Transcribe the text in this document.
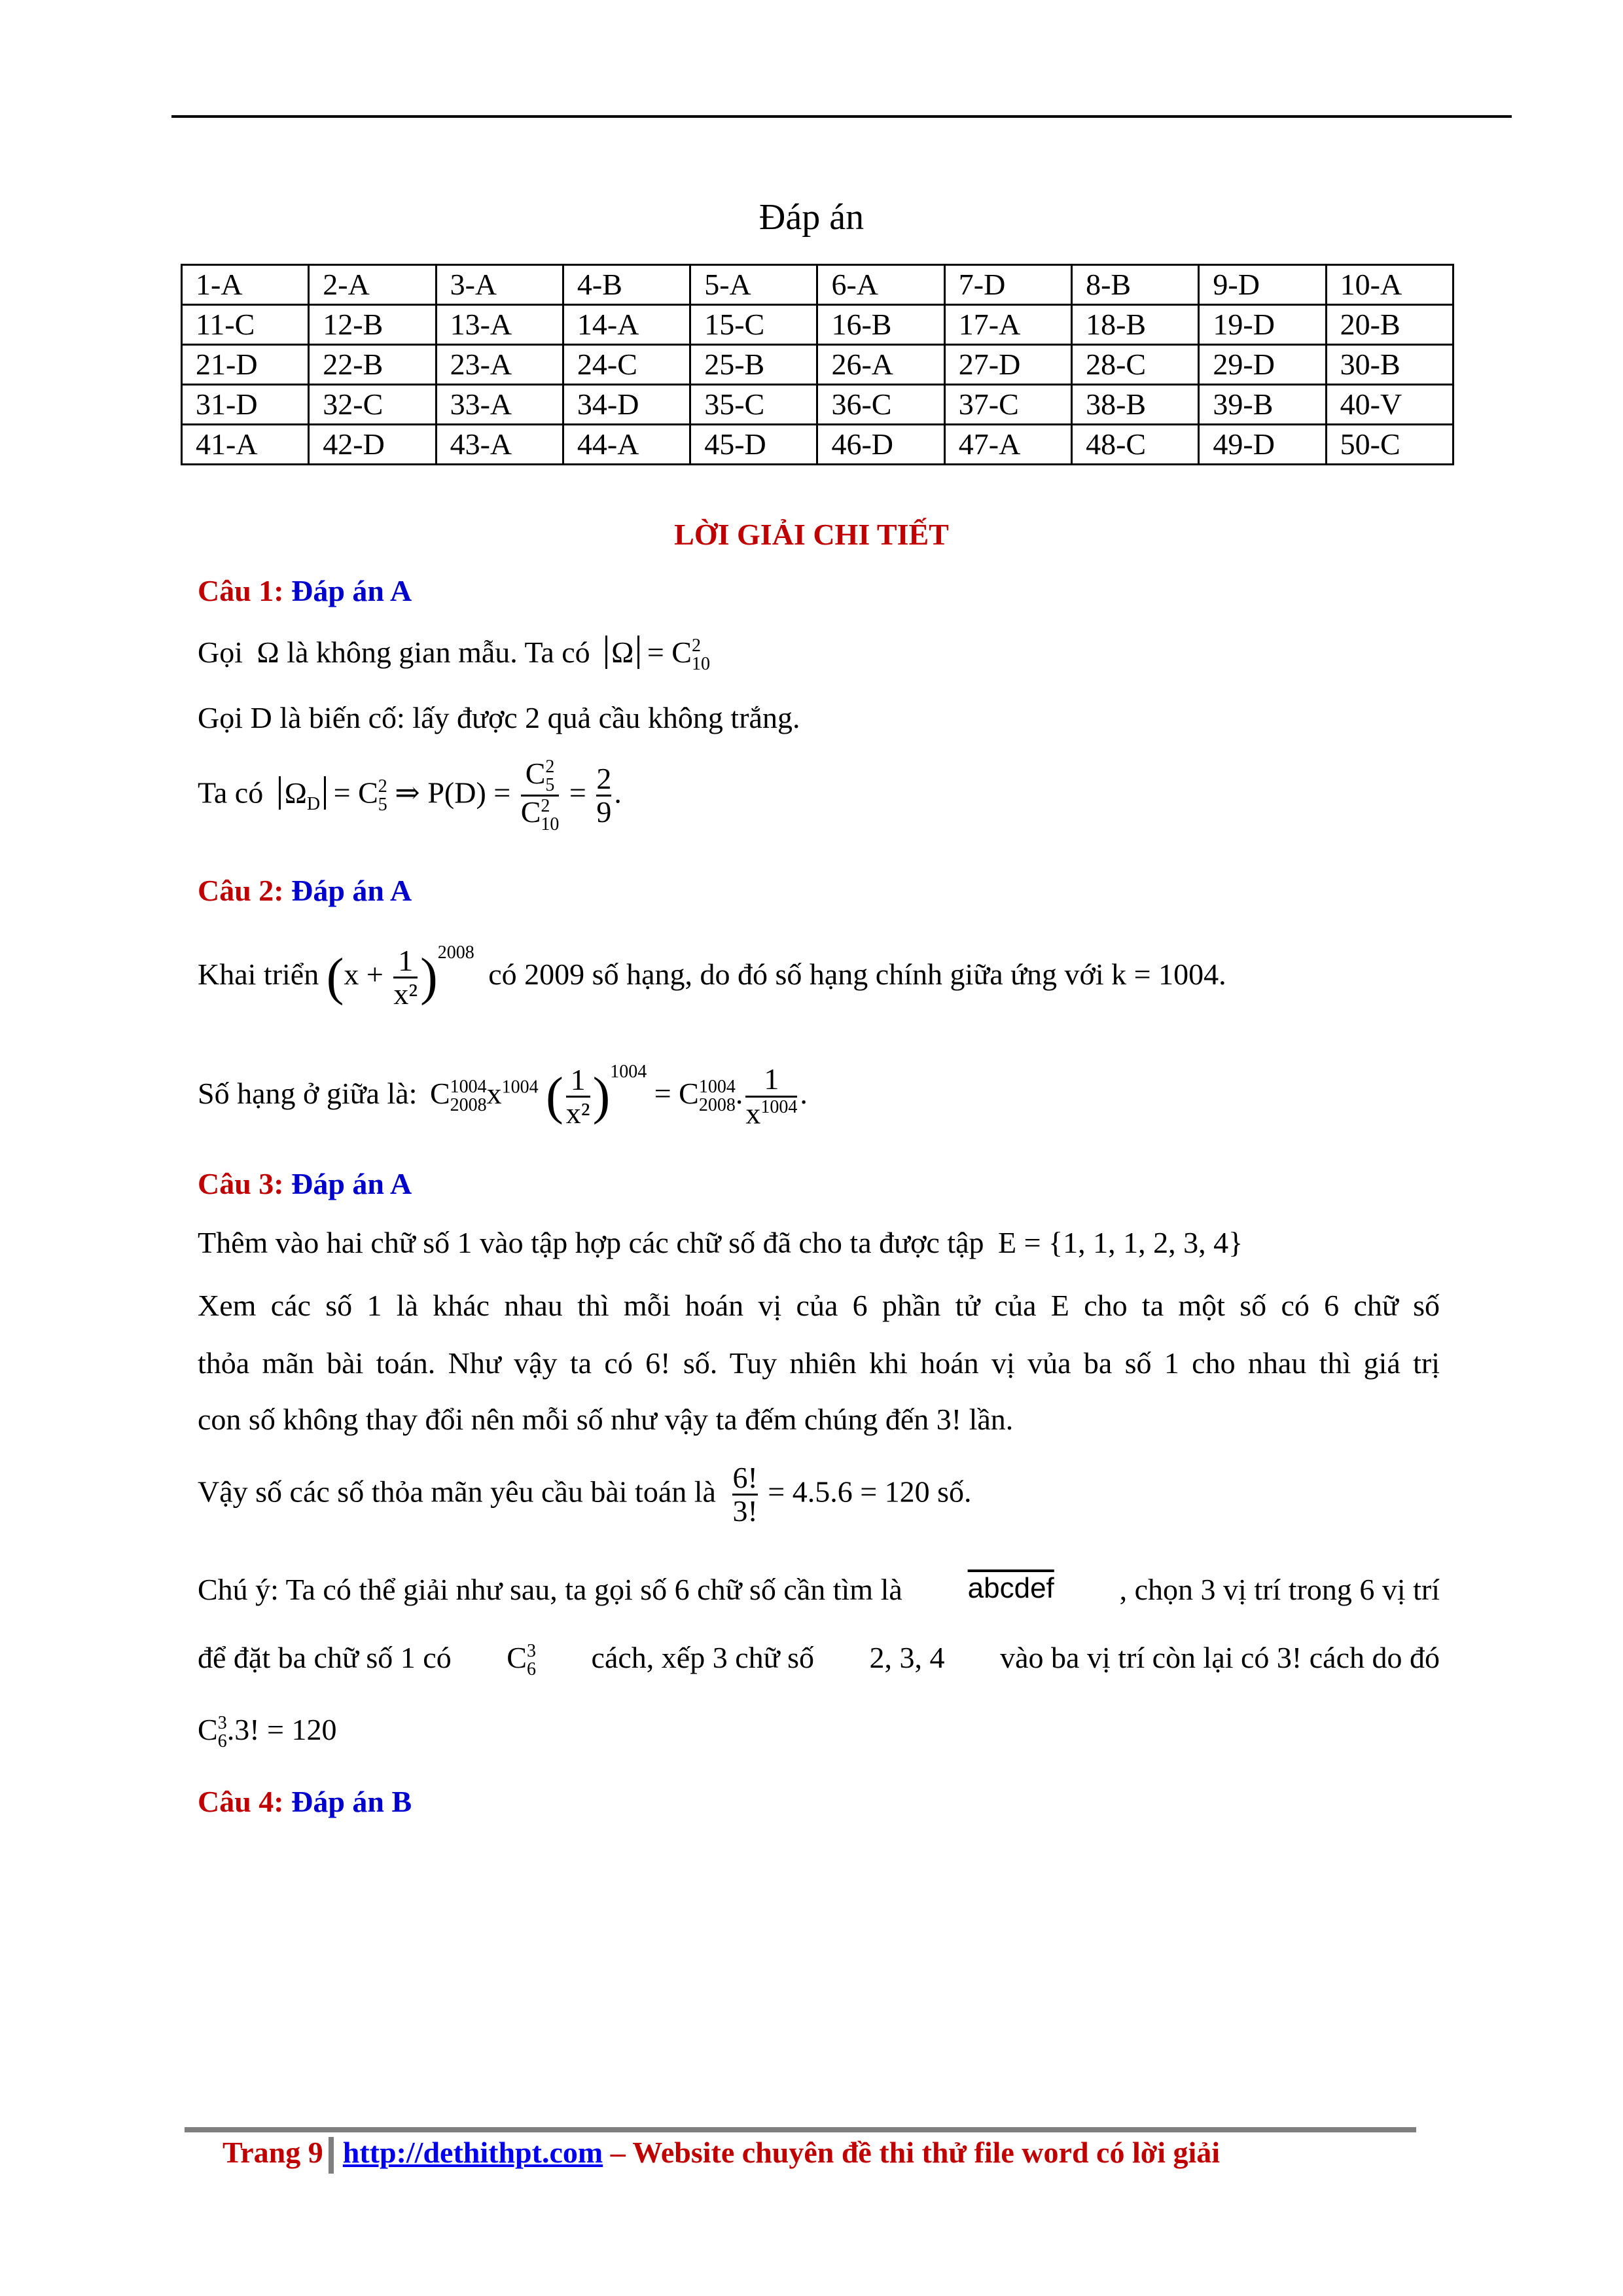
Đáp án
1-A	2-A	3-A	4-B	5-A	6-A	7-D	8-B	9-D	10-A
11-C	12-B	13-A	14-A	15-C	16-B	17-A	18-B	19-D	20-B
21-D	22-B	23-A	24-C	25-B	26-A	27-D	28-C	29-D	30-B
31-D	32-C	33-A	34-D	35-C	36-C	37-C	38-B	39-B	40-V
41-A	42-D	43-A	44-A	45-D	46-D	47-A	48-C	49-D	50-C
LỜI GIẢI CHI TIẾT
Câu 1: Đáp án A
Gọi Ω là không gian mẫu. Ta có Ω = C 2
10
Gọi D là biến cố: lấy được 2 quả cầu không trắng.
Ta có $\Omega_D = C$ 2
5 ⇒ P(D) = C 2
5
C 2
$10 = \frac{2}{9}$ .
Câu 2: Đáp án A
Khai triển $(x + \frac{1}{\text{x²}} )^{2008}$ có 2009 số hạng, do đó số hạng chính giữa ứng với k = 1004.
Số hạng ở giữa là: C 1004
2008 $x^{1004}$ ( $\frac{1}{\text{x²}} )^{1004} = C$ 1004
2008 . $\frac{1}{x^{1004}}$ .
Câu 3: Đáp án A
Thêm vào hai chữ số 1 vào tập hợp các chữ số đã cho ta được tập E = {1, 1, 1, 2, 3, 4}
Xem các số 1 là khác nhau thì mỗi hoán vị của 6 phần tử của E cho ta một số có 6 chữ số
thỏa mãn bài toán. Như vậy ta có 6! số. Tuy nhiên khi hoán vị vủa ba số 1 cho nhau thì giá trị
con số không thay đổi nên mỗi số như vậy ta đếm chúng đến 3! lần.
Vậy số các số thỏa mãn yêu cầu bài toán là $\frac{6!}{3!} = 4.5.6 = 120$ số.
Chú ý: Ta có thể giải như sau, ta gọi số 6 chữ số cần tìm là abcdef , chọn 3 vị trí trong 6 vị trí
để đặt ba chữ số 1 có C 3
6 cách, xếp 3 chữ số 2, 3, 4 vào ba vị trí còn lại có 3! cách do đó
C 3
6 .3! = 120
Câu 4: Đáp án B
Trang 9 http://dethithpt.com – Website chuyên đề thi thử file word có lời giải
